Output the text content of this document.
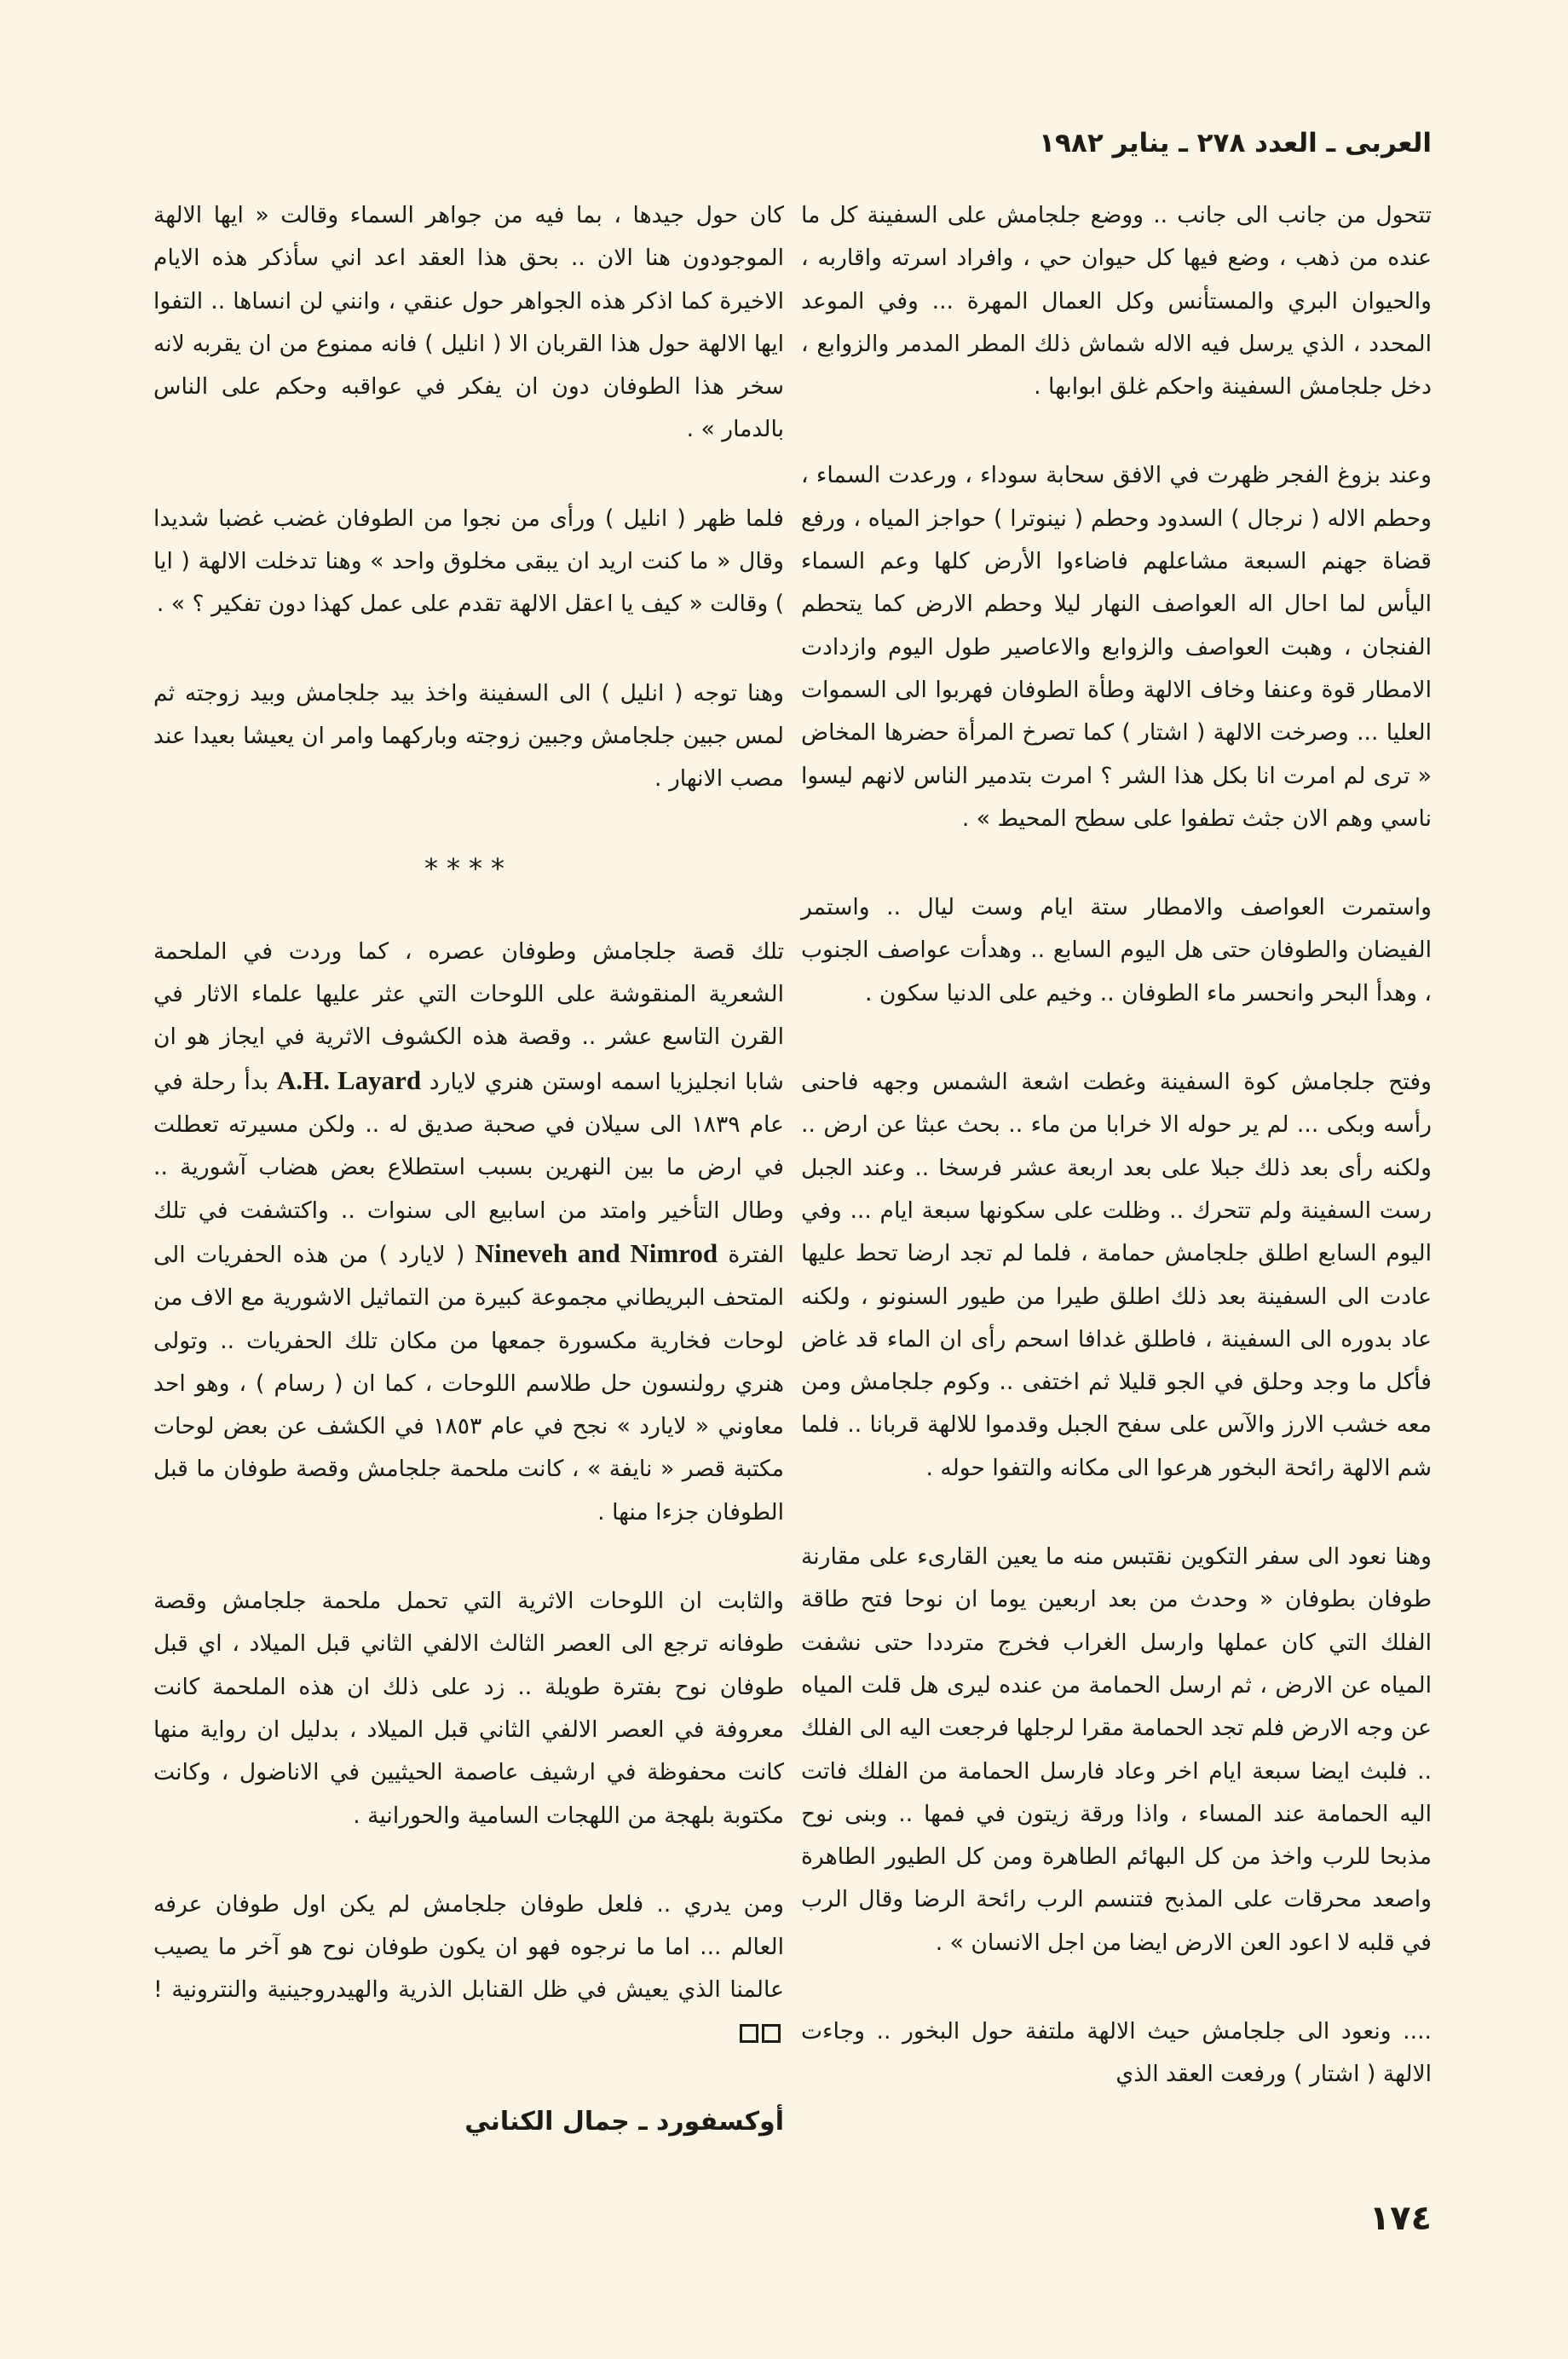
العربى ـ العدد ٢٧٨ ـ يناير ١٩٨٢

تتحول من جانب الى جانب .. ووضع جلجامش على السفينة كل ما عنده من ذهب ، وضع فيها كل حيوان حي ، وافراد اسرته واقاربه ، والحيوان البري والمستأنس وكل العمال المهرة ... وفي الموعد المحدد ، الذي يرسل فيه الاله شماش ذلك المطر المدمر والزوابع ، دخل جلجامش السفينة واحكم غلق ابوابها .

وعند بزوغ الفجر ظهرت في الافق سحابة سوداء ، ورعدت السماء ، وحطم الاله ( نرجال ) السدود وحطم ( نينوترا ) حواجز المياه ، ورفع قضاة جهنم السبعة مشاعلهم فاضاءوا الأرض كلها وعم السماء اليأس لما احال اله العواصف النهار ليلا وحطم الارض كما يتحطم الفنجان ، وهبت العواصف والزوابع والاعاصير طول اليوم وازدادت الامطار قوة وعنفا وخاف الالهة وطأة الطوفان فهربوا الى السموات العليا ... وصرخت الالهة ( اشتار ) كما تصرخ المرأة حضرها المخاض « ترى لم امرت انا بكل هذا الشر ؟ امرت بتدمير الناس لانهم ليسوا ناسي وهم الان جثث تطفوا على سطح المحيط » .

واستمرت العواصف والامطار ستة ايام وست ليال .. واستمر الفيضان والطوفان حتى هل اليوم السابع .. وهدأت عواصف الجنوب ، وهدأ البحر وانحسر ماء الطوفان .. وخيم على الدنيا سكون .

وفتح جلجامش كوة السفينة وغطت اشعة الشمس وجهه فاحنى رأسه وبكى ... لم ير حوله الا خرابا من ماء .. بحث عبثا عن ارض .. ولكنه رأى بعد ذلك جبلا على بعد اربعة عشر فرسخا .. وعند الجبل رست السفينة ولم تتحرك .. وظلت على سكونها سبعة ايام ... وفي اليوم السابع اطلق جلجامش حمامة ، فلما لم تجد ارضا تحط عليها عادت الى السفينة بعد ذلك اطلق طيرا من طيور السنونو ، ولكنه عاد بدوره الى السفينة ، فاطلق غدافا اسحم رأى ان الماء قد غاض فأكل ما وجد وحلق في الجو قليلا ثم اختفى .. وكوم جلجامش ومن معه خشب الارز والآس على سفح الجبل وقدموا للالهة قربانا .. فلما شم الالهة رائحة البخور هرعوا الى مكانه والتفوا حوله .

وهنا نعود الى سفر التكوين نقتبس منه ما يعين القارىء على مقارنة طوفان بطوفان « وحدث من بعد اربعين يوما ان نوحا فتح طاقة الفلك التي كان عملها وارسل الغراب فخرج مترددا حتى نشفت المياه عن الارض ، ثم ارسل الحمامة من عنده ليرى هل قلت المياه عن وجه الارض فلم تجد الحمامة مقرا لرجلها فرجعت اليه الى الفلك .. فلبث ايضا سبعة ايام اخر وعاد فارسل الحمامة من الفلك فاتت اليه الحمامة عند المساء ، واذا ورقة زيتون في فمها .. وبنى نوح مذبحا للرب واخذ من كل البهائم الطاهرة ومن كل الطيور الطاهرة واصعد محرقات على المذبح فتنسم الرب رائحة الرضا وقال الرب في قلبه لا اعود العن الارض ايضا من اجل الانسان » .

.... ونعود الى جلجامش حيث الالهة ملتفة حول البخور .. وجاءت الالهة ( اشتار ) ورفعت العقد الذي

كان حول جيدها ، بما فيه من جواهر السماء وقالت « ايها الالهة الموجودون هنا الان .. بحق هذا العقد اعد اني سأذكر هذه الايام الاخيرة كما اذكر هذه الجواهر حول عنقي ، وانني لن انساها .. التفوا ايها الالهة حول هذا القربان الا ( انليل ) فانه ممنوع من ان يقربه لانه سخر هذا الطوفان دون ان يفكر في عواقبه وحكم على الناس بالدمار » .

فلما ظهر ( انليل ) ورأى من نجوا من الطوفان غضب غضبا شديدا وقال « ما كنت اريد ان يبقى مخلوق واحد » وهنا تدخلت الالهة ( ايا ) وقالت « كيف يا اعقل الالهة تقدم على عمل كهذا دون تفكير ؟ » .

وهنا توجه ( انليل ) الى السفينة واخذ بيد جلجامش وبيد زوجته ثم لمس جبين جلجامش وجبين زوجته وباركهما وامر ان يعيشا بعيدا عند مصب الانهار .

****

تلك قصة جلجامش وطوفان عصره ، كما وردت في الملحمة الشعرية المنقوشة على اللوحات التي عثر عليها علماء الاثار في القرن التاسع عشر .. وقصة هذه الكشوف الاثرية في ايجاز هو ان شابا انجليزيا اسمه اوستن هنري لايارد A.H. Layard بدأ رحلة في عام ١٨٣٩ الى سيلان في صحبة صديق له .. ولكن مسيرته تعطلت في ارض ما بين النهرين بسبب استطلاع بعض هضاب آشورية .. وطال التأخير وامتد من اسابيع الى سنوات .. واكتشفت في تلك الفترة Nineveh and Nimrod ( لايارد ) من هذه الحفريات الى المتحف البريطاني مجموعة كبيرة من التماثيل الاشورية مع الاف من لوحات فخارية مكسورة جمعها من مكان تلك الحفريات .. وتولى هنري رولنسون حل طلاسم اللوحات ، كما ان ( رسام ) ، وهو احد معاوني « لايارد » نجح في عام ١٨٥٣ في الكشف عن بعض لوحات مكتبة قصر « نايفة » ، كانت ملحمة جلجامش وقصة طوفان ما قبل الطوفان جزءا منها .

والثابت ان اللوحات الاثرية التي تحمل ملحمة جلجامش وقصة طوفانه ترجع الى العصر الثالث الالفي الثاني قبل الميلاد ، اي قبل طوفان نوح بفترة طويلة .. زد على ذلك ان هذه الملحمة كانت معروفة في العصر الالفي الثاني قبل الميلاد ، بدليل ان رواية منها كانت محفوظة في ارشيف عاصمة الحيثيين في الاناضول ، وكانت مكتوبة بلهجة من اللهجات السامية والحورانية .

ومن يدري .. فلعل طوفان جلجامش لم يكن اول طوفان عرفه العالم ... اما ما نرجوه فهو ان يكون طوفان نوح هو آخر ما يصيب عالمنا الذي يعيش في ظل القنابل الذرية والهيدروجينية والنترونية !

أوكسفورد ـ جمال الكناني
١٧٤
